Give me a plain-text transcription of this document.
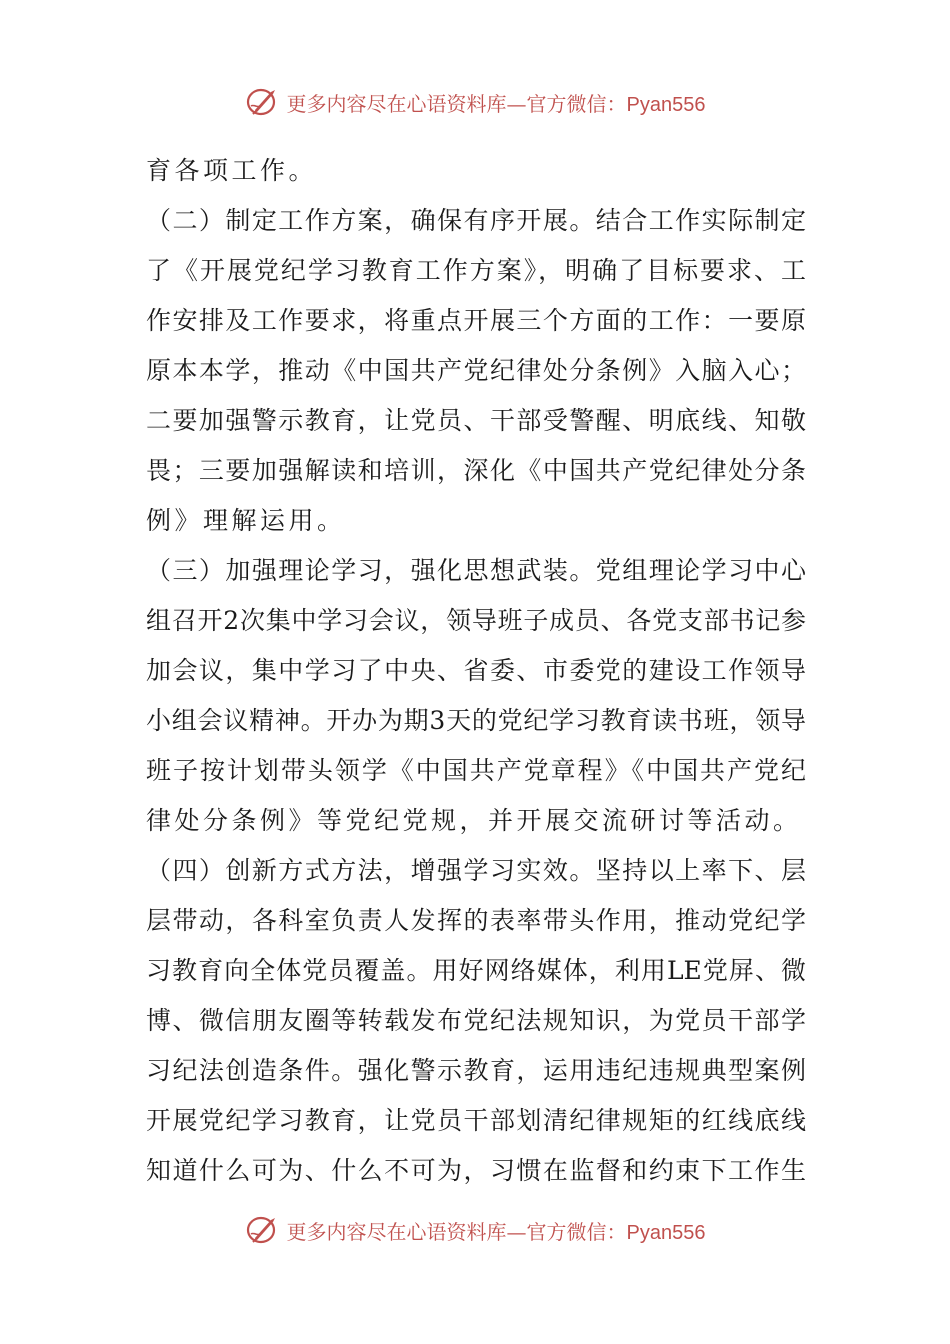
更多内容尽在心语资料库—官方微信：Pyan556
育各项工作。
（二）制定工作方案，确保有序开展。结合工作实际制定
了《开展党纪学习教育工作方案》，明确了目标要求、工
作安排及工作要求，将重点开展三个方面的工作：一要原
原本本学，推动《中国共产党纪律处分条例》入脑入心；
二要加强警示教育，让党员、干部受警醒、明底线、知敬
畏；三要加强解读和培训，深化《中国共产党纪律处分条
例》理解运用。
（三）加强理论学习，强化思想武装。党组理论学习中心
组召开2次集中学习会议，领导班子成员、各党支部书记参
加会议，集中学习了中央、省委、市委党的建设工作领导
小组会议精神。开办为期3天的党纪学习教育读书班，领导
班子按计划带头领学《中国共产党章程》《中国共产党纪
律处分条例》等党纪党规，并开展交流研讨等活动。
（四）创新方式方法，增强学习实效。坚持以上率下、层
层带动，各科室负责人发挥的表率带头作用，推动党纪学
习教育向全体党员覆盖。用好网络媒体，利用LE党屏、微
博、微信朋友圈等转载发布党纪法规知识，为党员干部学
习纪法创造条件。强化警示教育，运用违纪违规典型案例
开展党纪学习教育，让党员干部划清纪律规矩的红线底线
知道什么可为、什么不可为，习惯在监督和约束下工作生
更多内容尽在心语资料库—官方微信：Pyan556
